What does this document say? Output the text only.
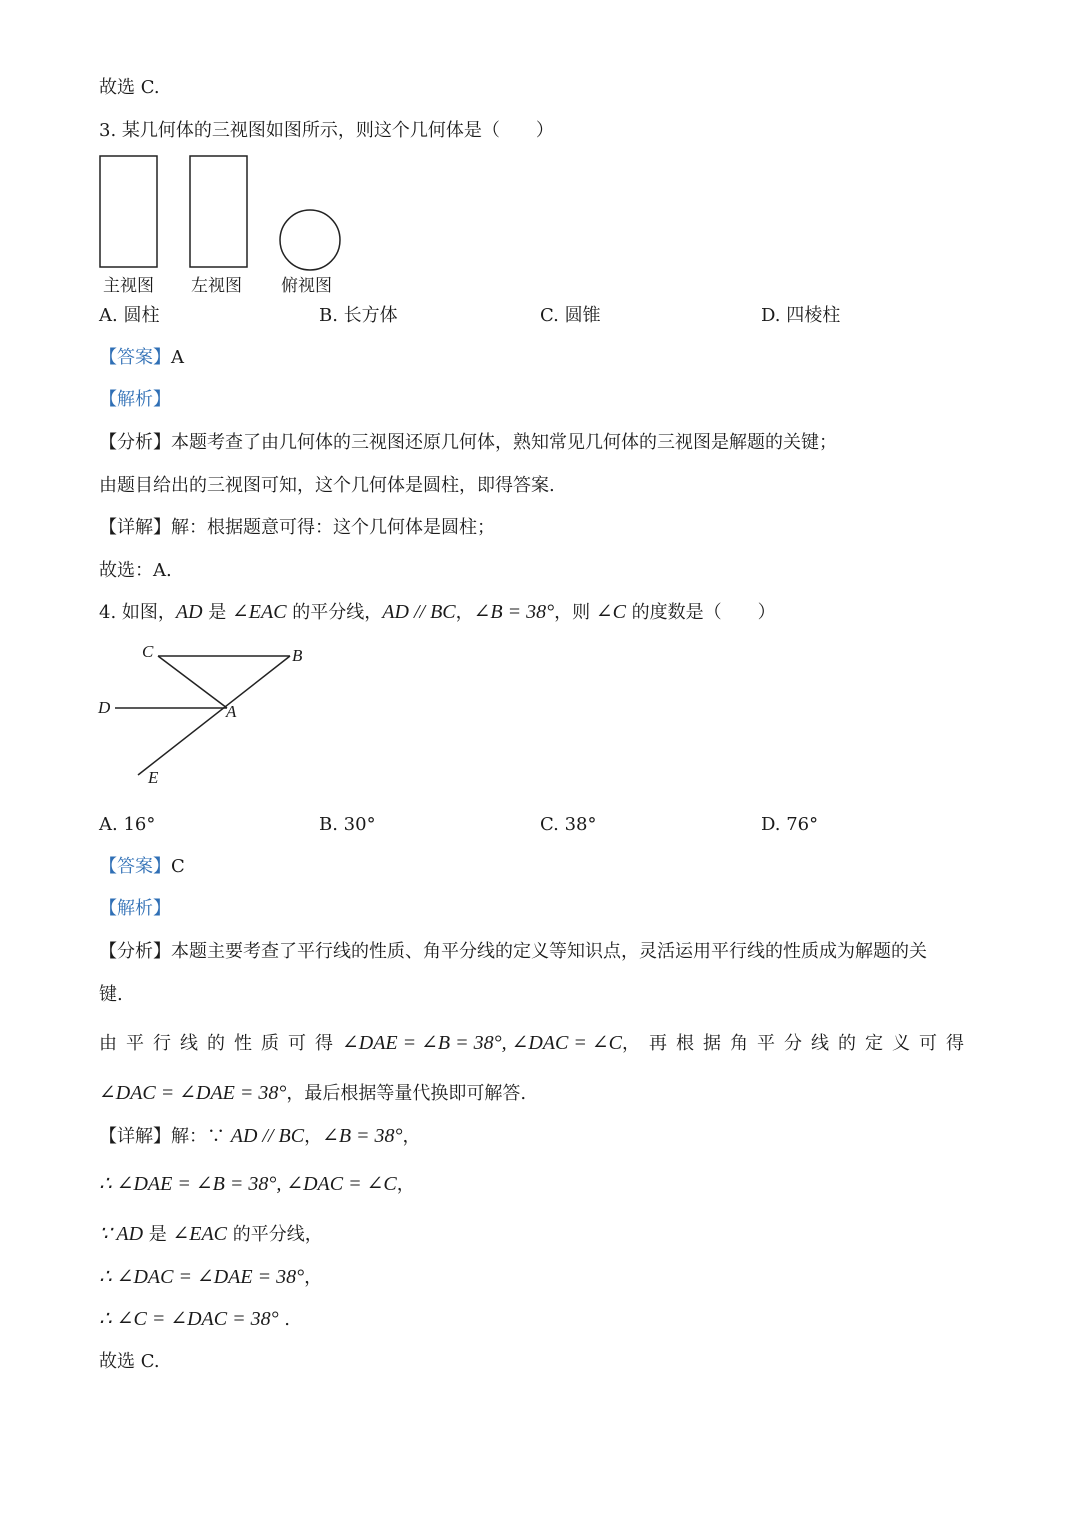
故选 C.
3. 某几何体的三视图如图所示，则这个几何体是（　　）
主视图 左视图 俯视图
A. 圆柱	B. 长方体	C. 圆锥	D. 四棱柱
【答案】A
【解析】
【分析】本题考查了由几何体的三视图还原几何体，熟知常见几何体的三视图是解题的关键；
由题目给出的三视图可知，这个几何体是圆柱，即得答案.
【详解】解：根据题意可得：这个几何体是圆柱；
故选：A.
4. 如图，AD 是 ∠EAC 的平分线，AD // BC，∠B = 38°，则 ∠C 的度数是（　　）
C	B
D	A
E
A. 16°	B. 30°	C. 38°	D. 76°
【答案】C
【解析】
【分析】本题主要考查了平行线的性质、角平分线的定义等知识点，灵活运用平行线的性质成为解题的关
键.
由平行线的性质可得∠DAE = ∠B = 38°, ∠DAC = ∠C，再根据角平分线的定义可得
∠DAC = ∠DAE = 38°，最后根据等量代换即可解答.
【详解】解：∵ AD // BC，∠B = 38°，
∴ ∠DAE = ∠B = 38°, ∠DAC = ∠C，
∵ AD 是 ∠EAC 的平分线，
∴ ∠DAC = ∠DAE = 38°，
∴ ∠C = ∠DAC = 38° .
故选 C.
